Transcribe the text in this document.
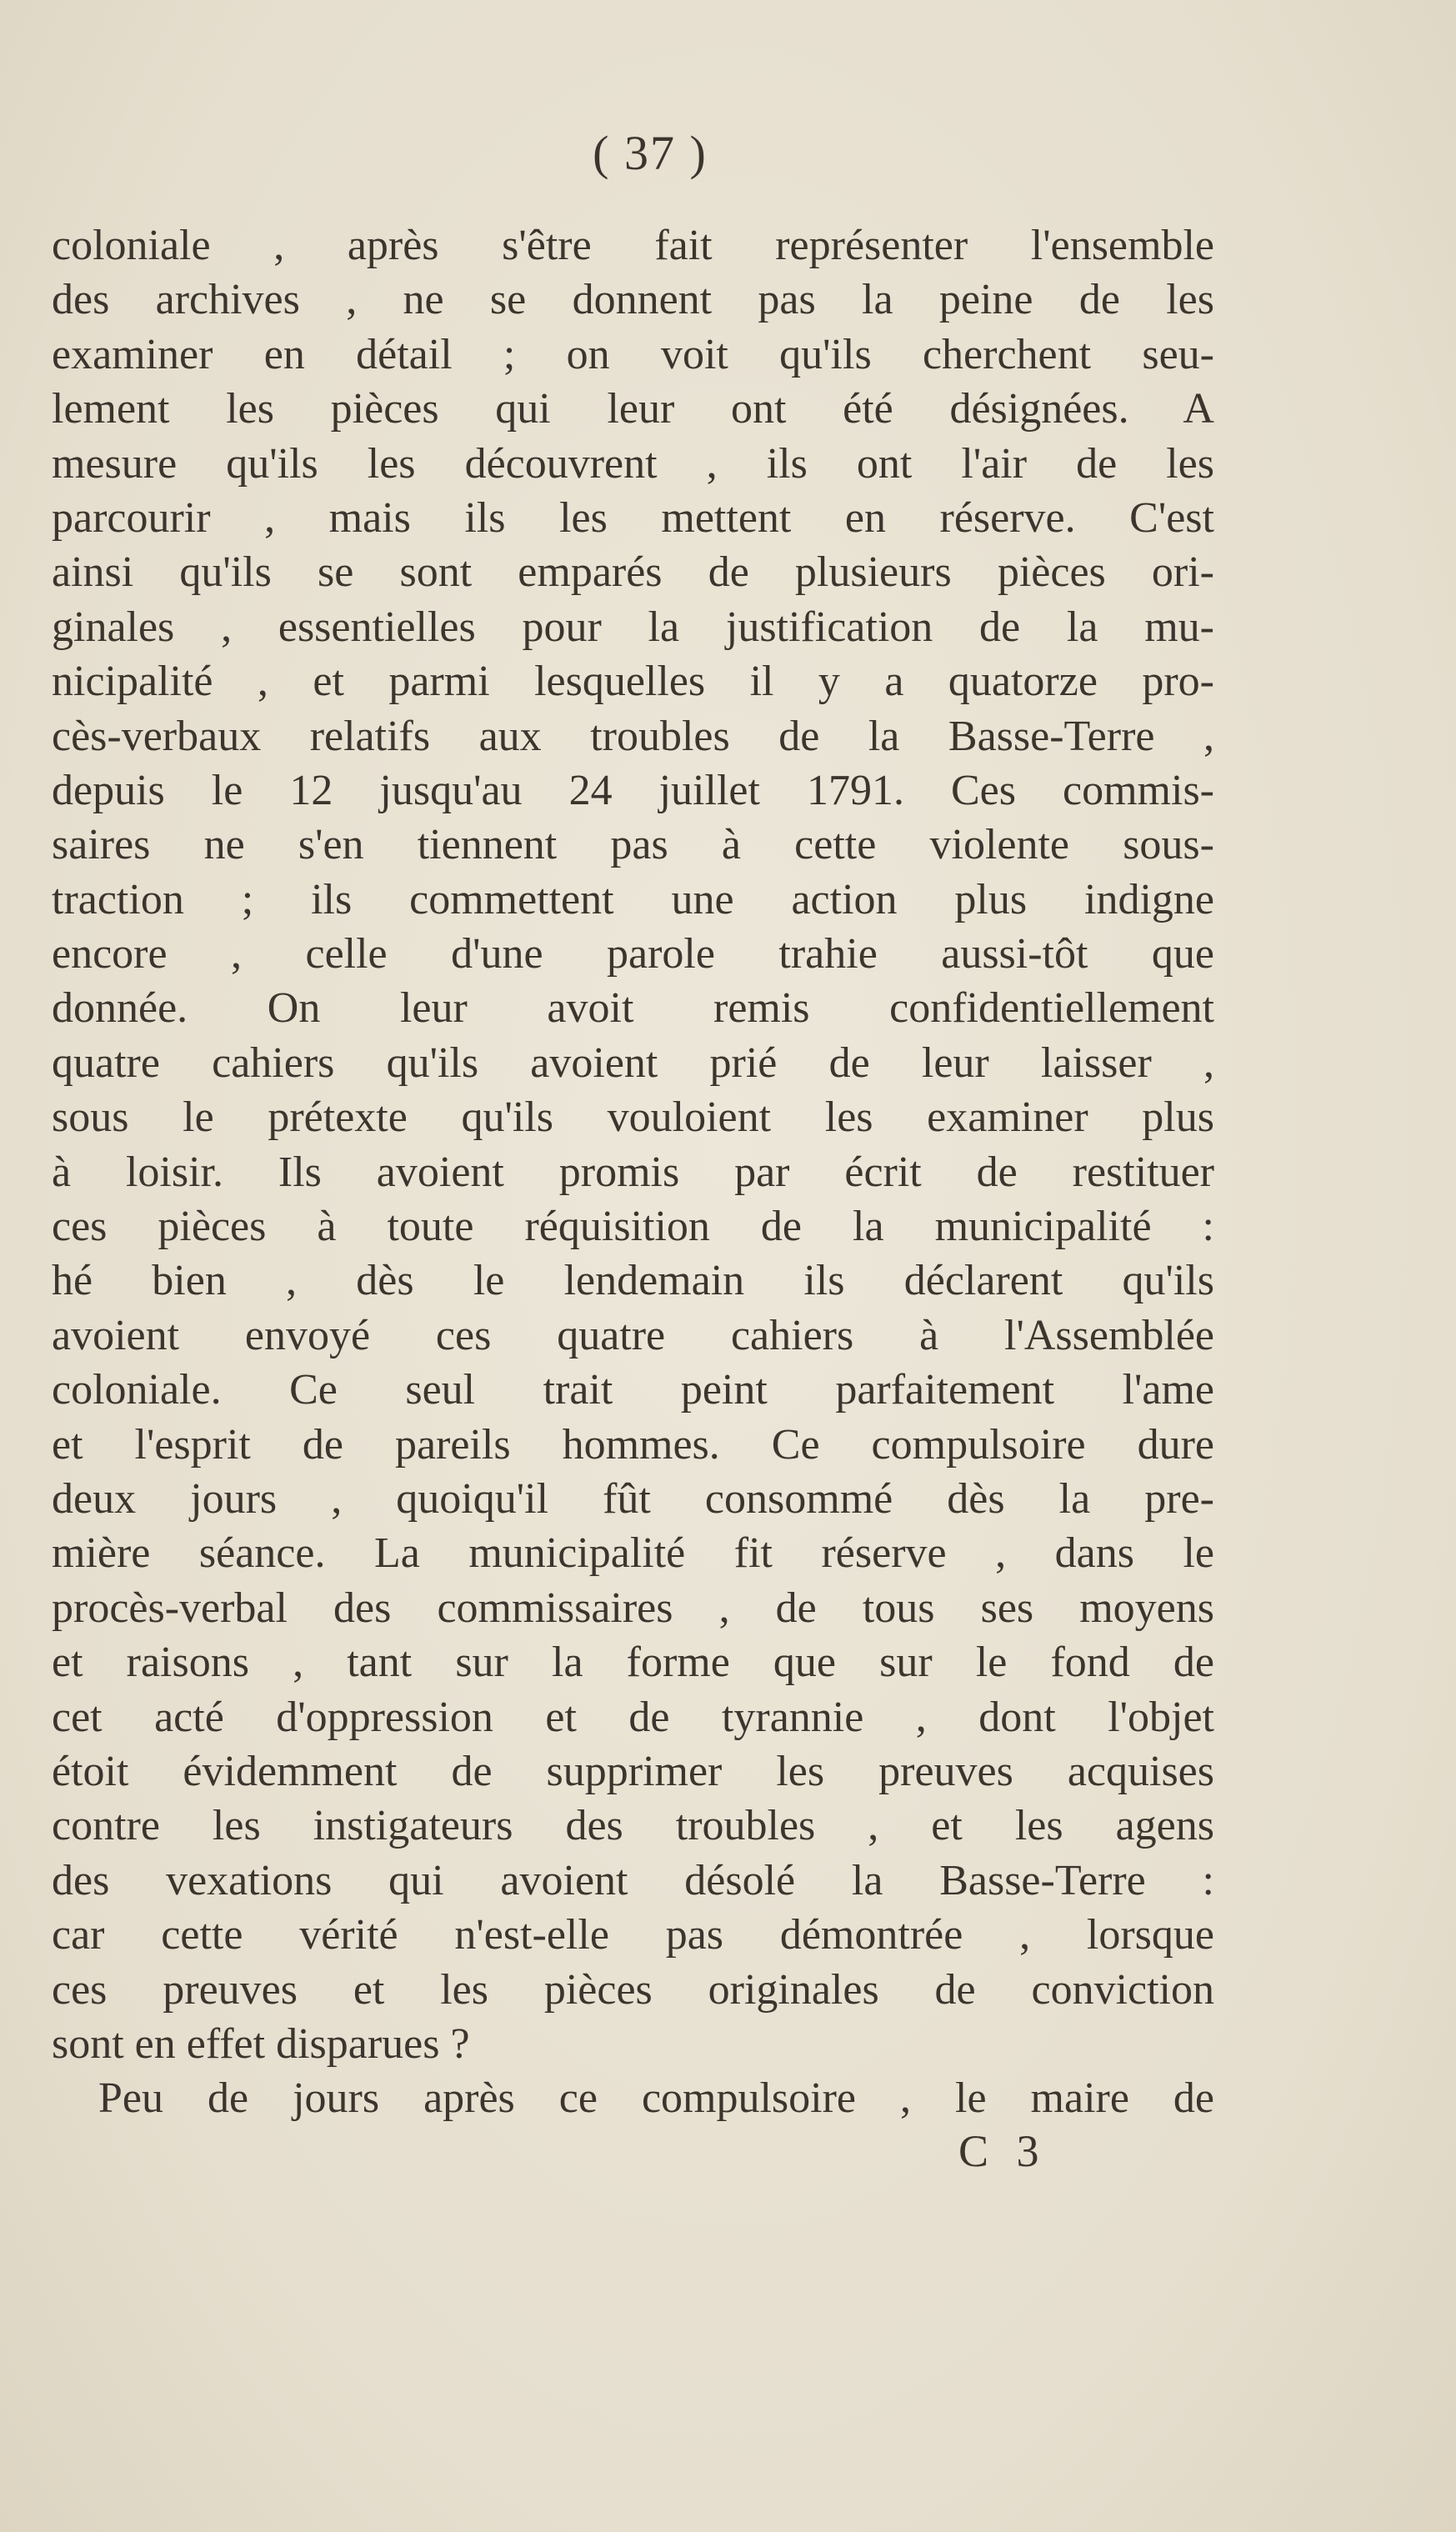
( 37 )
coloniale , après s'être fait représenter l'ensemble
des archives , ne se donnent pas la peine de les
examiner en détail ; on voit qu'ils cherchent seu-
lement les pièces qui leur ont été désignées. A
mesure qu'ils les découvrent , ils ont l'air de les
parcourir , mais ils les mettent en réserve. C'est
ainsi qu'ils se sont emparés de plusieurs pièces ori-
ginales , essentielles pour la justification de la mu-
nicipalité , et parmi lesquelles il y a quatorze pro-
cès-verbaux relatifs aux troubles de la Basse-Terre ,
depuis le 12 jusqu'au 24 juillet 1791. Ces commis-
saires ne s'en tiennent pas à cette violente sous-
traction ; ils commettent une action plus indigne
encore , celle d'une parole trahie aussi-tôt que
donnée. On leur avoit remis confidentiellement
quatre cahiers qu'ils avoient prié de leur laisser ,
sous le prétexte qu'ils vouloient les examiner plus
à loisir. Ils avoient promis par écrit de restituer
ces pièces à toute réquisition de la municipalité :
hé bien , dès le lendemain ils déclarent qu'ils
avoient envoyé ces quatre cahiers à l'Assemblée
coloniale. Ce seul trait peint parfaitement l'ame
et l'esprit de pareils hommes. Ce compulsoire dure
deux jours , quoiqu'il fût consommé dès la pre-
mière séance. La municipalité fit réserve , dans le
procès-verbal des commissaires , de tous ses moyens
et raisons , tant sur la forme que sur le fond de
cet acté d'oppression et de tyrannie , dont l'objet
étoit évidemment de supprimer les preuves acquises
contre les instigateurs des troubles , et les agens
des vexations qui avoient désolé la Basse-Terre :
car cette vérité n'est-elle pas démontrée , lorsque
ces preuves et les pièces originales de conviction
sont en effet disparues ?
Peu de jours après ce compulsoire , le maire de
C 3
